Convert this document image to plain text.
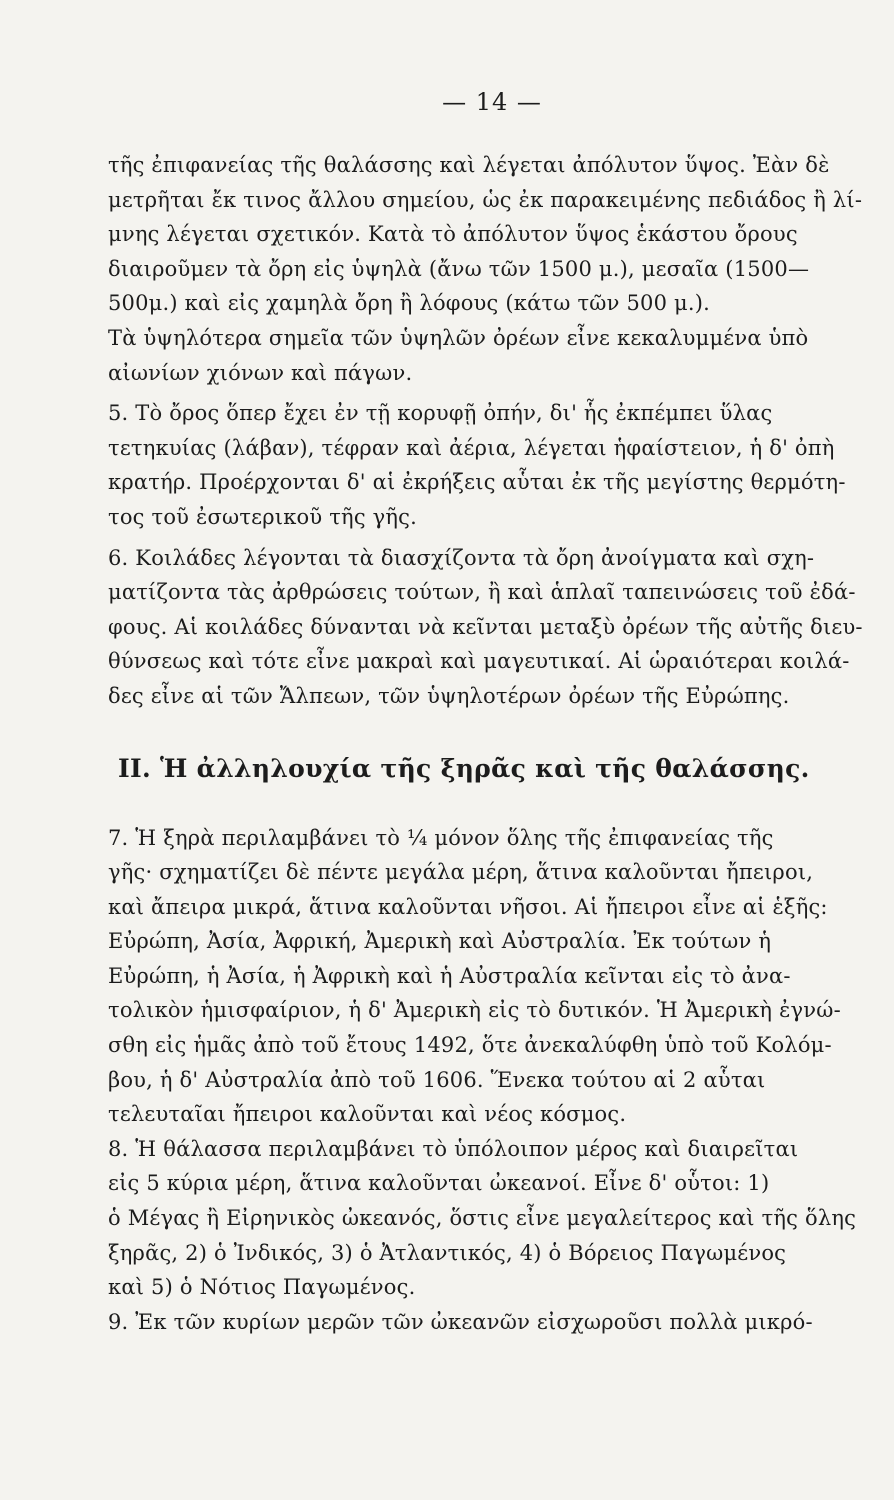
— 14 —
τῆς ἐπιφανείας τῆς θαλάσσης καὶ λέγεται ἀπόλυτον ὕψος. Ἐὰν δὲ
μετρῆται ἔκ τινος ἄλλου σημείου, ὡς ἐκ παρακειμένης πεδιάδος ἢ λί-
μνης λέγεται σχετικόν. Κατὰ τὸ ἀπόλυτον ὕψος ἑκάστου ὄρους
διαιροῦμεν τὰ ὄρη εἰς ὑψηλὰ (ἄνω τῶν 1500 μ.), μεσαῖα (1500—
500μ.) καὶ εἰς χαμηλὰ ὄρη ἢ λόφους (κάτω τῶν 500 μ.).
Τὰ ὑψηλότερα σημεῖα τῶν ὑψηλῶν ὀρέων εἶνε κεκαλυμμένα ὑπὸ
αἰωνίων χιόνων καὶ πάγων.
5. Τὸ ὄρος ὅπερ ἔχει ἐν τῇ κορυφῇ ὀπήν, δι' ἧς ἐκπέμπει ὕλας
τετηκυίας (λάβαν), τέφραν καὶ ἀέρια, λέγεται ἡφαίστειον, ἡ δ' ὀπὴ
κρατήρ. Προέρχονται δ' αἱ ἐκρήξεις αὗται ἐκ τῆς μεγίστης θερμότη-
τος τοῦ ἐσωτερικοῦ τῆς γῆς.
6. Κοιλάδες λέγονται τὰ διασχίζοντα τὰ ὄρη ἀνοίγματα καὶ σχη-
ματίζοντα τὰς ἀρθρώσεις τούτων, ἢ καὶ ἁπλαῖ ταπεινώσεις τοῦ ἐδά-
φους. Αἱ κοιλάδες δύνανται νὰ κεῖνται μεταξὺ ὀρέων τῆς αὐτῆς διευ-
θύνσεως καὶ τότε εἶνε μακραὶ καὶ μαγευτικαί. Αἱ ὡραιότεραι κοιλά-
δες εἶνε αἱ τῶν Ἄλπεων, τῶν ὑψηλοτέρων ὀρέων τῆς Εὐρώπης.
II. Ἡ ἀλληλουχία τῆς ξηρᾶς καὶ τῆς θαλάσσης.
7. Ἡ ξηρὰ περιλαμβάνει τὸ ¼ μόνον ὅλης τῆς ἐπιφανείας τῆς
γῆς· σχηματίζει δὲ πέντε μεγάλα μέρη, ἅτινα καλοῦνται ἤπειροι,
καὶ ἄπειρα μικρά, ἅτινα καλοῦνται νῆσοι. Αἱ ἤπειροι εἶνε αἱ ἑξῆς:
Εὐρώπη, Ἀσία, Ἀφρική, Ἀμερικὴ καὶ Αὐστραλία. Ἐκ τούτων ἡ
Εὐρώπη, ἡ Ἀσία, ἡ Ἀφρικὴ καὶ ἡ Αὐστραλία κεῖνται εἰς τὸ ἀνα-
τολικὸν ἡμισφαίριον, ἡ δ' Ἀμερικὴ εἰς τὸ δυτικόν. Ἡ Ἀμερικὴ ἐγνώ-
σθη εἰς ἡμᾶς ἀπὸ τοῦ ἔτους 1492, ὅτε ἀνεκαλύφθη ὑπὸ τοῦ Κολόμ-
βου, ἡ δ' Αὐστραλία ἀπὸ τοῦ 1606. Ἕνεκα τούτου αἱ 2 αὗται
τελευταῖαι ἤπειροι καλοῦνται καὶ νέος κόσμος.
8. Ἡ θάλασσα περιλαμβάνει τὸ ὑπόλοιπον μέρος καὶ διαιρεῖται
εἰς 5 κύρια μέρη, ἅτινα καλοῦνται ὠκεανοί. Εἶνε δ' οὗτοι: 1)
ὁ Μέγας ἢ Εἰρηνικὸς ὠκεανός, ὅστις εἶνε μεγαλείτερος καὶ τῆς ὅλης
ξηρᾶς, 2) ὁ Ἰνδικός, 3) ὁ Ἀτλαντικός, 4) ὁ Βόρειος Παγωμένος
καὶ 5) ὁ Νότιος Παγωμένος.
9. Ἐκ τῶν κυρίων μερῶν τῶν ὠκεανῶν εἰσχωροῦσι πολλὰ μικρό-
